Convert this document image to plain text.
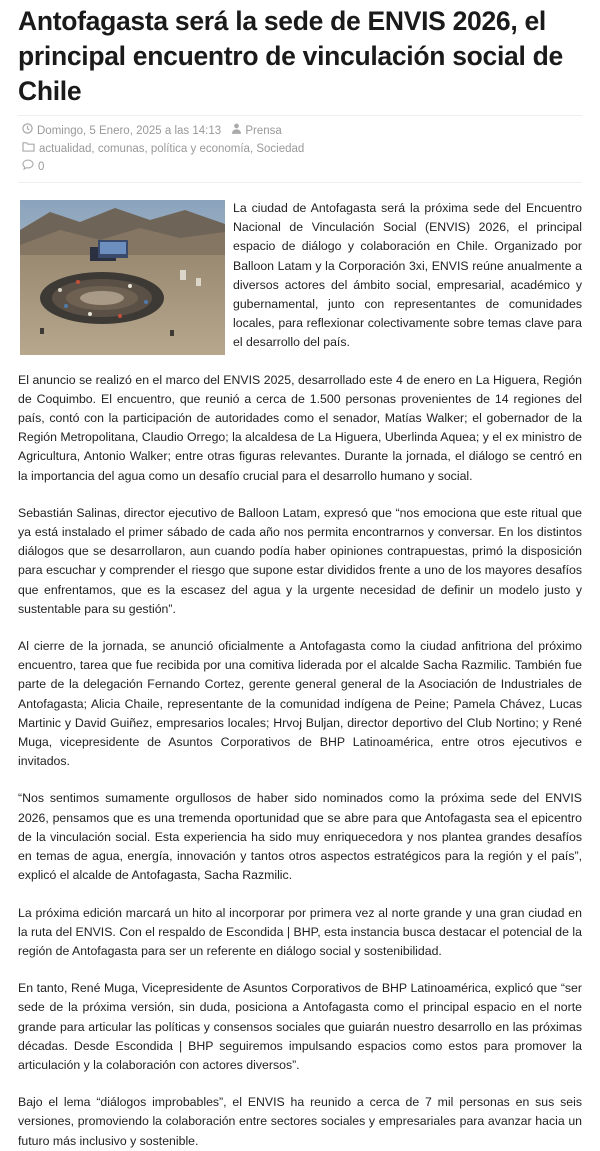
Antofagasta será la sede de ENVIS 2026, el principal encuentro de vinculación social de Chile
Domingo, 5 Enero, 2025 a las 14:13 Prensa
actualidad, comunas, política y economía, Sociedad

0

La ciudad de Antofagasta será la próxima sede del Encuentro Nacional de Vinculación Social (ENVIS) 2026, el principal espacio de diálogo y colaboración en Chile. Organizado por Balloon Latam y la Corporación 3xi, ENVIS reúne anualmente a diversos actores del ámbito social, empresarial, académico y gubernamental, junto con representantes de comunidades locales, para reflexionar colectivamente sobre temas clave para el desarrollo del país.

El anuncio se realizó en el marco del ENVIS 2025, desarrollado este 4 de enero en La Higuera, Región de Coquimbo. El encuentro, que reunió a cerca de 1.500 personas provenientes de 14 regiones del país, contó con la participación de autoridades como el senador, Matías Walker; el gobernador de la Región Metropolitana, Claudio Orrego; la alcaldesa de La Higuera, Uberlinda Aquea; y el ex ministro de Agricultura, Antonio Walker; entre otras figuras relevantes. Durante la jornada, el diálogo se centró en la importancia del agua como un desafío crucial para el desarrollo humano y social.

Sebastián Salinas, director ejecutivo de Balloon Latam, expresó que “nos emociona que este ritual que ya está instalado el primer sábado de cada año nos permita encontrarnos y conversar. En los distintos diálogos que se desarrollaron, aun cuando podía haber opiniones contrapuestas, primó la disposición para escuchar y comprender el riesgo que supone estar divididos frente a uno de los mayores desafíos que enfrentamos, que es la escasez del agua y la urgente necesidad de definir un modelo justo y sustentable para su gestión”.

Al cierre de la jornada, se anunció oficialmente a Antofagasta como la ciudad anfitriona del próximo encuentro, tarea que fue recibida por una comitiva liderada por el alcalde Sacha Razmilic. También fue parte de la delegación Fernando Cortez, gerente general general de la Asociación de Industriales de Antofagasta; Alicia Chaile, representante de la comunidad indígena de Peine; Pamela Chávez, Lucas Martinic y David Guiñez, empresarios locales; Hrvoj Buljan, director deportivo del Club Nortino; y René Muga, vicepresidente de Asuntos Corporativos de BHP Latinoamérica, entre otros ejecutivos e invitados.

“Nos sentimos sumamente orgullosos de haber sido nominados como la próxima sede del ENVIS 2026, pensamos que es una tremenda oportunidad que se abre para que Antofagasta sea el epicentro de la vinculación social. Esta experiencia ha sido muy enriquecedora y nos plantea grandes desafíos en temas de agua, energía, innovación y tantos otros aspectos estratégicos para la región y el país”, explicó el alcalde de Antofagasta, Sacha Razmilic.

La próxima edición marcará un hito al incorporar por primera vez al norte grande y una gran ciudad en la ruta del ENVIS. Con el respaldo de Escondida | BHP, esta instancia busca destacar el potencial de la región de Antofagasta para ser un referente en diálogo social y sostenibilidad.

En tanto, René Muga, Vicepresidente de Asuntos Corporativos de BHP Latinoamérica, explicó que “ser sede de la próxima versión, sin duda, posiciona a Antofagasta como el principal espacio en el norte grande para articular las políticas y consensos sociales que guiarán nuestro desarrollo en las próximas décadas. Desde Escondida | BHP seguiremos impulsando espacios como estos para promover la articulación y la colaboración con actores diversos”.

Bajo el lema “diálogos improbables”, el ENVIS ha reunido a cerca de 7 mil personas en sus seis versiones, promoviendo la colaboración entre sectores sociales y empresariales para avanzar hacia un futuro más inclusivo y sostenible.
